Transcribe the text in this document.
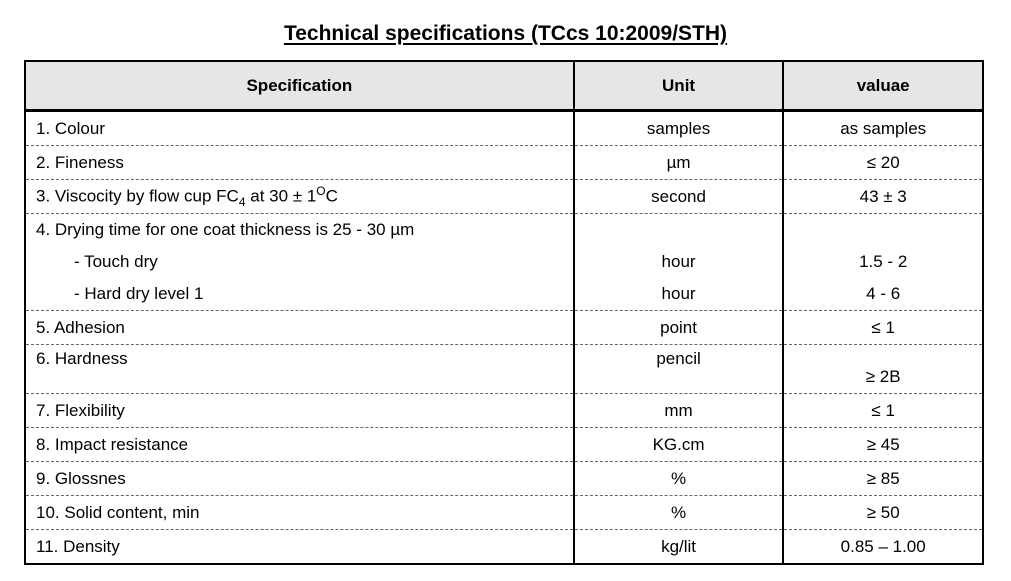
Technical specifications (TCcs 10:2009/STH)
Specification	Unit	valuae
1. Colour	samples	as samples
2. Fineness	µm	≤ 20
3. Viscocity by flow cup $FC_4$ at $30 \pm 1^OC$	second	43 ± 3
4. Drying time for one coat thickness is 25 - 30 µm		
- Touch dry	hour	1.5 - 2
- Hard dry level 1	hour	4 - 6
5. Adhesion	point	≤ 1
6. Hardness	pencil	≥ 2B
7. Flexibility	mm	≤ 1
8. Impact resistance	KG.cm	≥ 45
9. Glossnes	%	≥ 85
10. Solid content, min	%	≥ 50
11. Density	kg/lit	0.85 – 1.00
